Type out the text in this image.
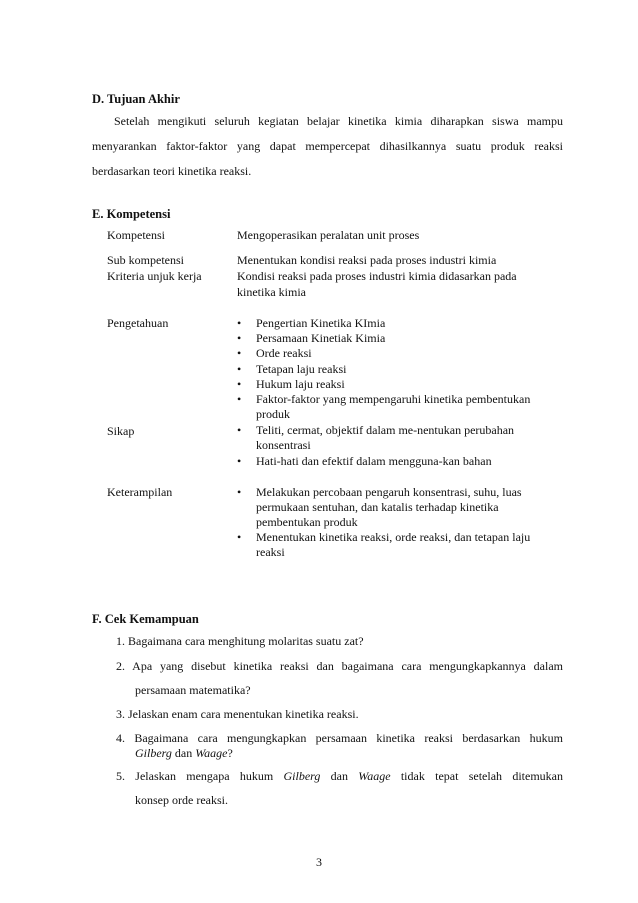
D. Tujuan Akhir
Setelah mengikuti seluruh kegiatan belajar kinetika kimia diharapkan siswa mampu
menyarankan faktor-faktor yang dapat mempercepat dihasilkannya suatu produk reaksi
berdasarkan teori kinetika reaksi.
E. Kompetensi
Kompetensi	Mengoperasikan peralatan unit proses
Sub kompetensi	Menentukan kondisi reaksi pada proses industri kimia
Kriteria unjuk kerja	Kondisi reaksi pada proses industri kimia didasarkan pada
kinetika kimia
Pengetahuan	• Pengertian Kinetika KImia
• Persamaan Kinetiak Kimia
• Orde reaksi
• Tetapan laju reaksi
• Hukum laju reaksi
• Faktor-faktor yang mempengaruhi kinetika pembentukan
produk
Sikap	• Teliti, cermat, objektif dalam me-nentukan perubahan
konsentrasi
• Hati-hati dan efektif dalam mengguna-kan bahan
Keterampilan	• Melakukan percobaan pengaruh konsentrasi, suhu, luas
permukaan sentuhan, dan katalis terhadap kinetika
pembentukan produk
• Menentukan kinetika reaksi, orde reaksi, dan tetapan laju
reaksi
F. Cek Kemampuan
1. Bagaimana cara menghitung molaritas suatu zat?
2. Apa yang disebut kinetika reaksi dan bagaimana cara mengungkapkannya dalam
persamaan matematika?
3. Jelaskan enam cara menentukan kinetika reaksi.
4. Bagaimana cara mengungkapkan persamaan kinetika reaksi berdasarkan hukum
Gilberg dan Waage?
5. Jelaskan mengapa hukum Gilberg dan Waage tidak tepat setelah ditemukan
konsep orde reaksi.
3
